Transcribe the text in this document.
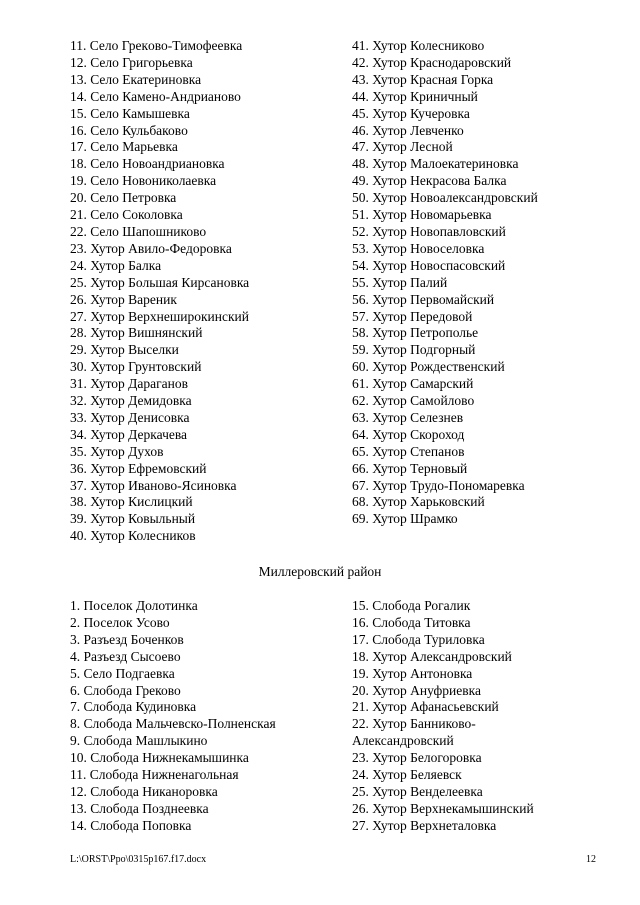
11. Село Грекoво-Тимофеевка
12. Село Григорьевка
13. Село Екатериновка
14. Село Камено-Андрианово
15. Село Камышевка
16. Село Кульбаково
17. Село Марьевка
18. Село Новоандриановка
19. Село Новониколаевка
20. Село Петровка
21. Село Соколовка
22. Село Шапошниково
23. Хутор Авило-Федоровка
24. Хутор Балка
25. Хутор Большая Кирсановка
26. Хутор Вареник
27. Хутор Верхнеширокинский
28. Хутор Вишнянский
29. Хутор Выселки
30. Хутор Грунтовский
31. Хутор Дараганов
32. Хутор Демидовка
33. Хутор Денисовка
34. Хутор Деркачева
35. Хутор Духов
36. Хутор Ефремовский
37. Хутор Иваново-Ясиновка
38. Хутор Кислицкий
39. Хутор Ковыльный
40. Хутор Колесников
41. Хутор Колесниково
42. Хутор Краснодаровский
43. Хутор Красная Горка
44. Хутор Криничный
45. Хутор Кучеровка
46. Хутор Левченко
47. Хутор Лесной
48. Хутор Малоекатериновка
49. Хутор Некрасова Балка
50. Хутор Новоалександровский
51. Хутор Новомарьевка
52. Хутор Новопавловский
53. Хутор Новоселовка
54. Хутор Новоспасовский
55. Хутор Палий
56. Хутор Первомайский
57. Хутор Передовой
58. Хутор Петрополье
59. Хутор Подгорный
60. Хутор Рождественский
61. Хутор Самарский
62. Хутор Самойлово
63. Хутор Селезнев
64. Хутор Скороход
65. Хутор Степанов
66. Хутор Терновый
67. Хутор Трудо-Пономаревка
68. Хутор Харьковский
69. Хутор Шрамко
Миллеровский район
1. Поселок Долотинка
2. Поселок Усово
3. Разъезд Боченков
4. Разъезд Сысоево
5. Село Подгаевка
6. Слобода Греково
7. Слобода Кудиновка
8. Слобода Мальчевско-Полненская
9. Слобода Машлыкино
10. Слобода Нижнекамышинка
11. Слобода Нижненагольная
12. Слобода Никаноровка
13. Слобода Позднеевка
14. Слобода Поповка
15. Слобода Рогалик
16. Слобода Титовка
17. Слобода Туриловка
18. Хутор Александровский
19. Хутор Антоновка
20. Хутор Ануфриевка
21. Хутор Афанасьевский
22. Хутор Банниково-
Александровский
23. Хутор Белогоровка
24. Хутор Беляевск
25. Хутор Венделеевка
26. Хутор Верхнекамышинский
27. Хутор Верхнеталовка
L:\ORST\Ppo\0315p167.f17.docx	12
